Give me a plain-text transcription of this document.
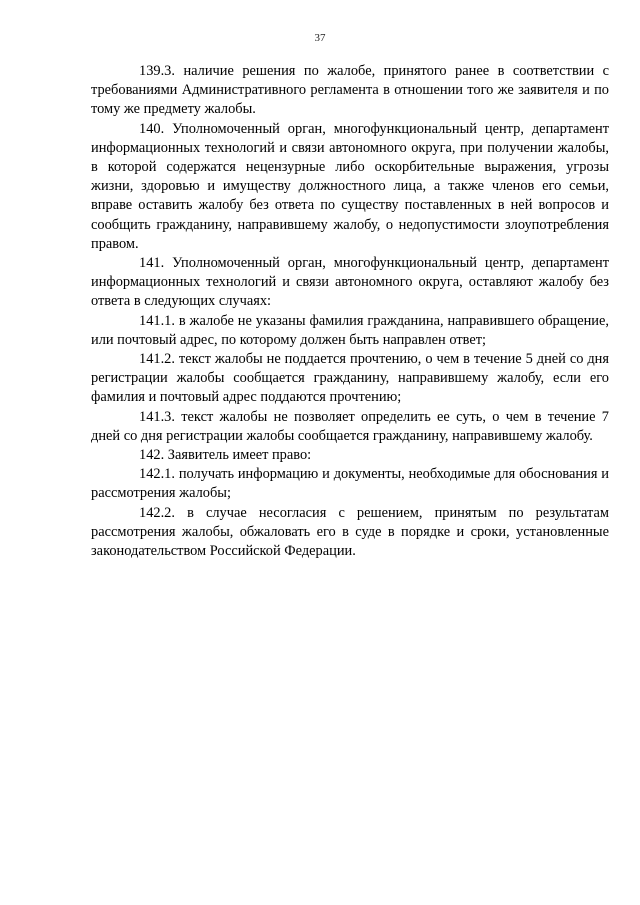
37

139.3. наличие решения по жалобе, принятого ранее в соответствии с требованиями Административного регламента в отношении того же заявителя и по тому же предмету жалобы.

140. Уполномоченный орган, многофункциональный центр, департамент информационных технологий и связи автономного округа, при получении жалобы, в которой содержатся нецензурные либо оскорбительные выражения, угрозы жизни, здоровью и имуществу должностного лица, а также членов его семьи, вправе оставить жалобу без ответа по существу поставленных в ней вопросов и сообщить гражданину, направившему жалобу, о недопустимости злоупотребления правом.

141. Уполномоченный орган, многофункциональный центр, департамент информационных технологий и связи автономного округа, оставляют жалобу без ответа в следующих случаях:

141.1. в жалобе не указаны фамилия гражданина, направившего обращение, или почтовый адрес, по которому должен быть направлен ответ;

141.2. текст жалобы не поддается прочтению, о чем в течение 5 дней со дня регистрации жалобы сообщается гражданину, направившему жалобу, если его фамилия и почтовый адрес поддаются прочтению;

141.3. текст жалобы не позволяет определить ее суть, о чем в течение 7 дней со дня регистрации жалобы сообщается гражданину, направившему жалобу.

142. Заявитель имеет право:

142.1. получать информацию и документы, необходимые для обоснования и рассмотрения жалобы;

142.2. в случае несогласия с решением, принятым по результатам рассмотрения жалобы, обжаловать его в суде в порядке и сроки, установленные законодательством Российской Федерации.
